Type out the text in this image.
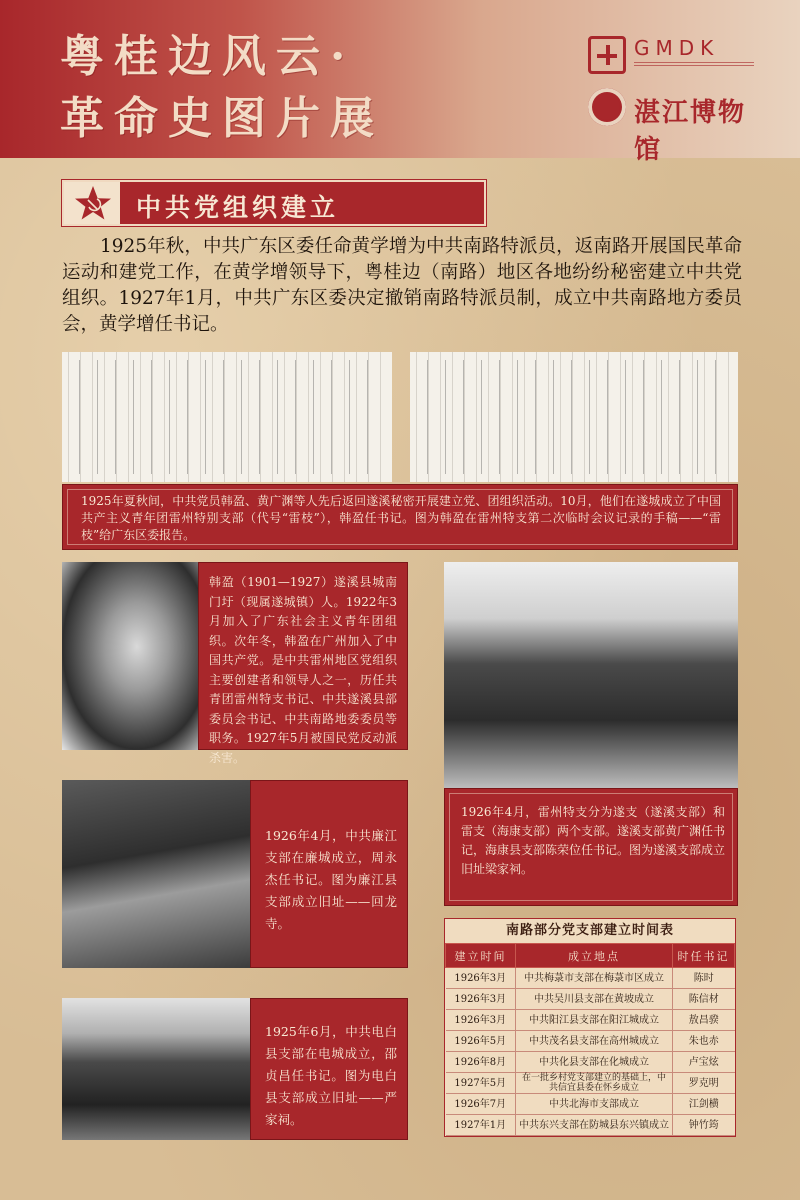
粤桂边风云·
革命史图片展
GMDK
湛江博物馆
中共党组织建立

1925年秋，中共广东区委任命黄学增为中共南路特派员，返南路开展国民革命运动和建党工作，在黄学增领导下，粤桂边（南路）地区各地纷纷秘密建立中共党组织。1927年1月，中共广东区委决定撤销南路特派员制，成立中共南路地方委员会，黄学增任书记。

1925年夏秋间，中共党员韩盈、黄广渊等人先后返回遂溪秘密开展建立党、团组织活动。10月，他们在遂城成立了中国共产主义青年团雷州特别支部（代号“雷枝”），韩盈任书记。图为韩盈在雷州特支第二次临时会议记录的手稿——“雷枝”给广东区委报告。
韩盈（1901—1927）遂溪县城南门圩（现属遂城镇）人。1922年3月加入了广东社会主义青年团组织。次年冬，韩盈在广州加入了中国共产党。是中共雷州地区党组织主要创建者和领导人之一，历任共青团雷州特支书记、中共遂溪县部委员会书记、中共南路地委委员等职务。1927年5月被国民党反动派杀害。
1926年4月，雷州特支分为遂支（遂溪支部）和雷支（海康支部）两个支部。遂溪支部黄广渊任书记，海康县支部陈荣位任书记。图为遂溪支部成立旧址梁家祠。
1926年4月，中共廉江支部在廉城成立，周永杰任书记。图为廉江县支部成立旧址——回龙寺。
1925年6月，中共电白县支部在电城成立，邵贞昌任书记。图为电白县支部成立旧址——严家祠。
南路部分党支部建立时间表
建立时间	成立地点	时任书记
1926年3月	中共梅菉市支部在梅菉市区成立	陈时
1926年3月	中共吴川县支部在黄坡成立	陈信材
1926年3月	中共阳江县支部在阳江城成立	敖昌骙
1926年5月	中共茂名县支部在高州城成立	朱也赤
1926年8月	中共化县支部在化城成立	卢宝炫
1927年5月	在一批乡村党支部建立的基础上，中共信宜县委在怀乡成立	罗克明
1926年7月	中共北海市支部成立	江剑横
1927年1月	中共东兴支部在防城县东兴镇成立	钟竹筠
